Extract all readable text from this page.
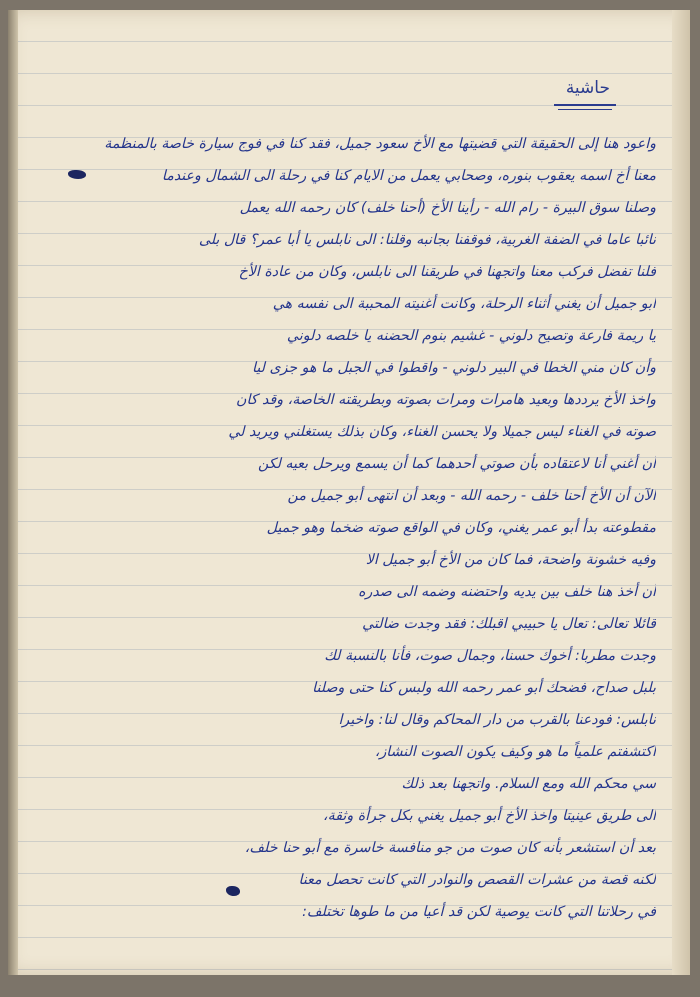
حاشية
واعود هنا إلى الحقيقة التي قضيتها مع الأخ سعود جميل، فقد كنا في فوج سيارة خاصة بالمنظمة
معنا أخ اسمه يعقوب بنوره، وصحابي يعمل من الايام كنا في رحلة الى الشمال وعندما
وصلنا سوق البيرة - رام الله - رأينا الأخ (أحنا خلف) كان رحمه الله يعمل
نائبا عاما في الضفة الغربية، فوقفنا بجانبه وقلنا: الى نابلس يا أبا عمر؟ قال بلى
فلنا تفضل فركب معنا واتجهنا في طريقنا الى نابلس، وكان من عادة الأخ
ابو جميل أن يغني أثناء الرحلة، وكانت أغنيته المحببة الى نفسه هي
يا ريمة فارعة وتصيح دلوني - غشيم بنوم الحضنه يا خلصه دلوني
وأن كان مني الخطا في البير دلوني - واقطوا في الجبل ما هو جزى ليا
واخذ الأخ يرددها وبعيد هامرات ومرات بصوته وبطريقته الخاصة، وقد كان
صوته في الغناء ليس جميلا ولا يحسن الغناء، وكان بذلك يستغلني ويريد لي
أن أغني أنا لاعتقاده بأن صوتي أحدهما كما أن يسمع ويرحل بعيه لكن
الآن أن الأخ أحنا خلف - رحمه الله - وبعد أن انتهى أبو جميل من
مقطوعته بدأ أبو عمر يغني، وكان في الواقع صوته ضخما وهو جميل
وفيه خشونة واضحة، فما كان من الأخ أبو جميل الا
أن أخذ هنا خلف بين يديه واحتضنه وضمه الى صدره
قائلا تعالى: تعال يا حبيبي اقبلك: فقد وجدت ضالتي
وجدت مطربا: أخوك حسنا، وجمال صوت، فأنا بالنسبة لك
بلبل صداح، فضحك أبو عمر رحمه الله ولبس كنا حتى وصلنا
نابلس: فودعنا بالقرب من دار المحاكم وقال لنا: واخيرا
اكتشفتم علمياً ما هو وكيف يكون الصوت النشاز،
سي محكم الله ومع السلام. واتجهنا بعد ذلك
الى طريق عينيتا واخذ الأخ أبو جميل يغني بكل جرأة وثقة،
بعد أن استشعر بأنه كان صوت من جو منافسة خاسرة مع أبو حنا خلف،
لكنه قصة من عشرات القصص والنوادر التي كانت تحصل معنا
في رحلاتنا التي كانت يوصية لكن قد أعيا من ما طوها تختلف:
